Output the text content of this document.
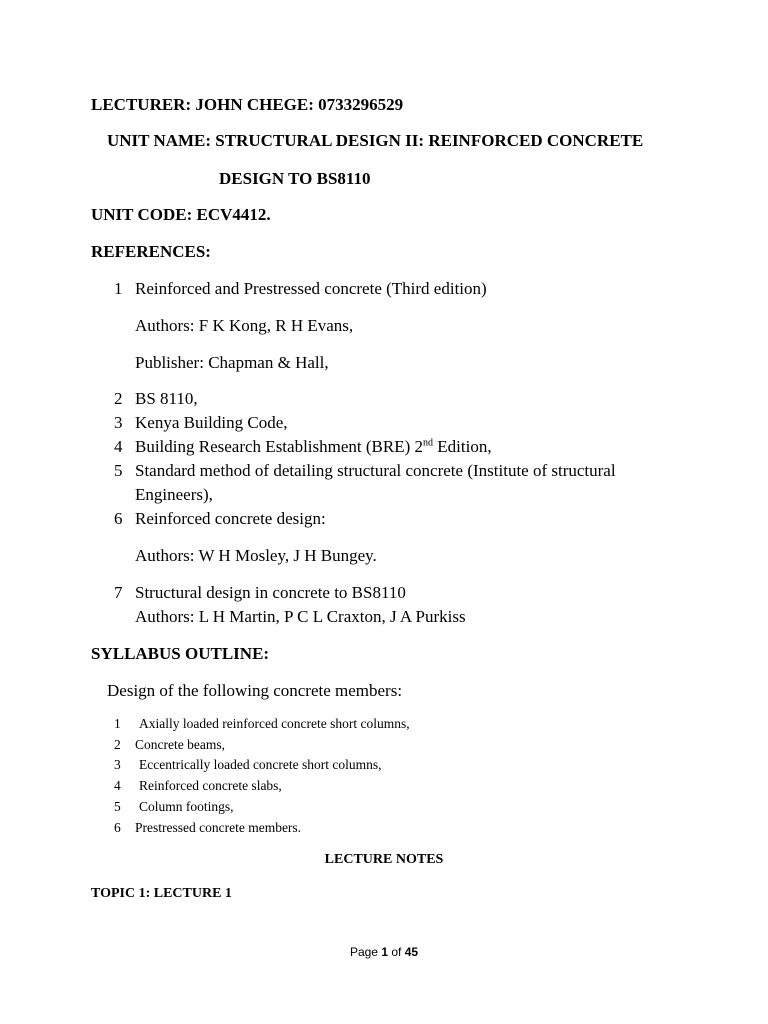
LECTURER: JOHN CHEGE: 0733296529
UNIT NAME: STRUCTURAL DESIGN II: REINFORCED CONCRETE
DESIGN TO BS8110
UNIT CODE: ECV4412.
REFERENCES:
1 Reinforced and Prestressed concrete (Third edition)
Authors: F K Kong, R H Evans,
Publisher: Chapman & Hall,
2 BS 8110,
3 Kenya Building Code,
4 Building Research Establishment (BRE) 2nd Edition,
5 Standard method of detailing structural concrete (Institute of structural
Engineers),
6 Reinforced concrete design:
Authors: W H Mosley, J H Bungey.
7 Structural design in concrete to BS8110
Authors: L H Martin, P C L Craxton, J A Purkiss
SYLLABUS OUTLINE:
Design of the following concrete members:
1 Axially loaded reinforced concrete short columns,
2 Concrete beams,
3 Eccentrically loaded concrete short columns,
4 Reinforced concrete slabs,
5 Column footings,
6 Prestressed concrete members.
LECTURE NOTES
TOPIC 1: LECTURE 1
Page 1 of 45
